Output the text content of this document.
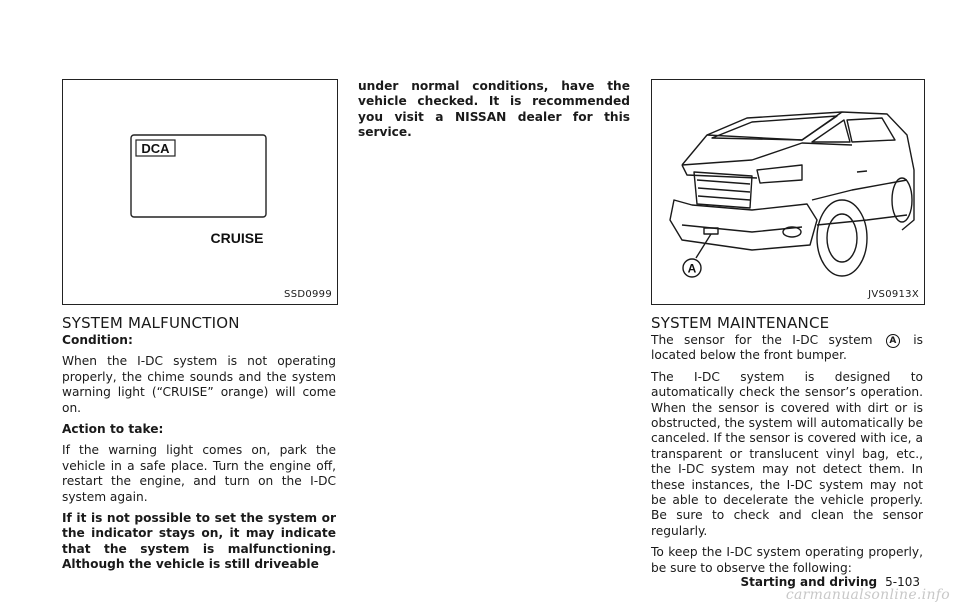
DCA
CRUISE
SSD0999
SYSTEM MALFUNCTION

Condition:

When the I-DC system is not operating properly, the chime sounds and the system warning light (“CRUISE” orange) will come on.

Action to take:

If the warning light comes on, park the vehicle in a safe place. Turn the engine off, restart the engine, and turn on the I-DC system again.

If it is not possible to set the system or the indicator stays on, it may indicate that the system is malfunctioning. Although the vehicle is still driveable

under normal conditions, have the vehicle checked. It is recommended you visit a NISSAN dealer for this service.

A
JVS0913X
SYSTEM MAINTENANCE

The sensor for the I-DC system A is located below the front bumper.

The I-DC system is designed to automatically check the sensor’s operation. When the sensor is covered with dirt or is obstructed, the system will automatically be canceled. If the sensor is covered with ice, a transparent or translucent vinyl bag, etc., the I-DC system may not detect them. In these instances, the I-DC system may not be able to decelerate the vehicle properly. Be sure to check and clean the sensor regularly.

To keep the I-DC system operating properly, be sure to observe the following:

Starting and driving 5-103
carmanualsonline.info
